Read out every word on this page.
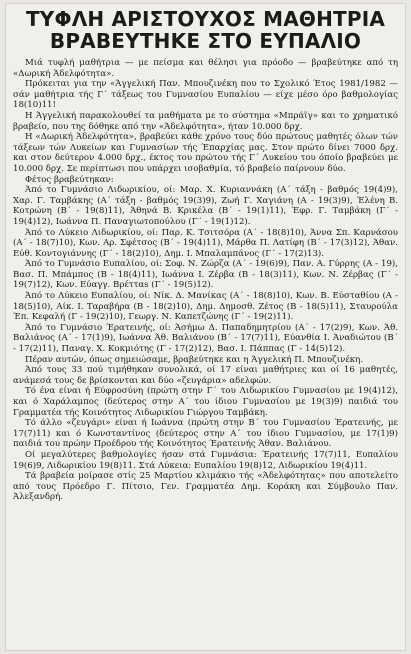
ΤΥΦΛΗ ΑΡΙΣΤΟΥΧΟΣ ΜΑΘΗΤΡΙΑ
ΒΡΑΒΕΥΤΗΚΕ ΣΤΟ ΕΥΠΑΛΙΟ

Μιά τυφλή μαθήτρια — με πείσμα και θέλησι για πρόοδο — βραβεύτηκε από τη «Δωρική Άδελφότητα».

Πρόκειται για την «Άγγελική Παν. Μπουζινέκη που το Σχολικό Έτος 1981/1982 — σάν μαθήτρια τής Γ΄ τάξεως του Γυμνασίου Ευπαλίου — είχε μέσο όρο βαθμολογίας 18(10)11!

Η Άγγελική παρακολουθεί τα μαθήματα με το σύστημα «Μπράϊγ» και το χρηματικό βραβείο, που της δόθηκε από την «Άδελφότητα», ήταν 10.000 δρχ.

Η «Δωρική Άδελφότητα», βραβεύει κάθε χρόνο τους δύο πρώτους μαθητές όλων τών τάξεων τών Λυκείων και Γυμνασίων τής Έπαρχίας μας. Στον πρώτο δίνει 7000 δρχ. και στον δεύτερον 4.000 δρχ., έκτος του πρώτου τής Γ΄ Λυκείου του όποίο βραβεύει με 10.000 δρχ. Σε περίπτωσι που υπάρχει ισοβαθμία, τό βραβείο παίρνουν δύο.

Φέτος βραβεύτηκαν:

Άπό το Γυμνάσιο Λιδωρικίου, οί: Μαρ. Χ. Κυριαννάκη (Α΄ τάξη - βαθμός 19(4)9), Χαρ. Γ. Ταμβάκης (Α΄ τάξη - βαθμός 19(3)9), Ζωή Γ. Χαγιάνη (Α - 19(3)9), Έλένη Β. Κοτρώνη (Β΄ - 19(8)11), Άθηνά Β. Κρικέλα (Β΄ - 19(1)11), Έφρ. Γ. Ταμβάκη (Γ΄ - 19(4)12), Ιωάννα Π. Παναγιωτοπούλου (Γ΄ - 19(1)12).

Άπό το Λύκειο Λιδωρικίου, οί: Παρ. Κ. Τσιτσόρα (Α΄ - 18(8)10), Άννα Σπ. Καρνάσου (Α΄ - 18(7)10), Κων. Αρ. Σφέτσος (Β΄ - 19(4)11), Μάρθα Π. Λατίφη (Β΄ - 17(3)12), Άθαν. Εύθ. Κοντογιάννης (Γ΄ - 18(2)10), Δημ. Ι. Μπαλαμπάνος (Γ΄ - 17(2)13).

Άπό το Γυμνάσιο Ευπαλίου, οί: Σοφ. Ν. Ζώρζα (Α΄ - 19(6)9), Παν. Α. Γύρρης (Α - 19), Βασ. Π. Μπάμπος (Β - 18(4)11), Ιωάννα Ι. Ζέρβα (Β - 18(3)11), Κων. Ν. Ζέρβας (Γ΄ - 19(7)12), Κων. Εύαγγ. Βρέτταs (Γ΄ - 19(5)12).

Άπό το Λύκειο Ευπαλίου, οί: Νίκ. Δ. Μανίκας (Α΄ - 18(8)10), Κων. Β. Εύσταθίου (Α - 18(5)10), Αίκ. Ι. Ταραβήρα (Β - 18(2)10), Δημ. Δημοσθ. Ζέτος (Β - 18(5)11), Σταυρούλα Έπ. Κεφαλή (Γ - 19(2)10), Γεωργ. Ν. Καπετζώνης (Γ΄ - 19(2)11).

Άπό το Γυμνάσιο Έρατεινής, οί: Άσήμω Δ. Παπαδημητρίου (Α΄ - 17(2)9), Κων. Άθ. Βαλιάνος (Α΄ - 17(1)9), Ιωάννα Άθ. Βαλιάνου (Β΄ - 17(7)11), Εύανθία Ι. Άναδιώτου (Β΄ - 17(2)11), Παναγ. Χ. Κοκμιότης (Γ - 17(2)12), Βασ. Ι. Πάππας (Γ - 14(5)12).

Πέραν αυτών, όπως σημειώσαμε, βραβεύτηκε και η Άγγελική Π. Μπουζινέκη.

Άπό τους 33 πού τιμήθηκαν συνολικά, οί 17 είναι μαθήτριες και οί 16 μαθητές, ανάμεσά τους δε βρίσκονται και δύο «ζευγάρια» αδελφών.

Τό ένα είναι ή Εύφροσύνη (πρώτη στην Γ΄ του Λιδωρικίου Γυμνασίου με 19(4)12), και ό Χαράλαμπος (δεύτερος στην Α΄ του ίδιου Γυμνασίου με 19(3)9) παιδιά του Γραμματέα τής Κοινότητος Λιδωρικίου Γιώργου Ταμβάκη.

Τό άλλο «ζευγάρι» είναι ή Ιωάννα (πρώτη στην Β΄ του Γυμνασίου Έρατεινής, με 17(7)11) και ό Κωνσταντίνος (δεύτερος στην Α΄ του ίδιου Γυμνασίου, με 17(1)9) παιδιά του πρώην Προέδρου τής Κοινότητος Έρατεινής Άθαν. Βαλιάνου.

Οί μεγαλύτερες βαθμολογίες ήσαν στά Γυμνάσια: Έρατεινής 17(7)11, Ευπαλίου 19(6)9, Λιδωρικίου 19(8)11. Στά Λύκεια: Ευπαλίου 19(8)12, Λιδωρικίου 19(4)11.

Τά βραβεία μοίρασε στίς 25 Μαρτίου κλιμάκιο τής «Άδελφότητας» που αποτελείτο από τους Πρόεδρο Γ. Πίτσιο, Γεν. Γραμματέα Δημ. Κοράκη και Σύμβουλο Παν. Άλεξανδρή.
